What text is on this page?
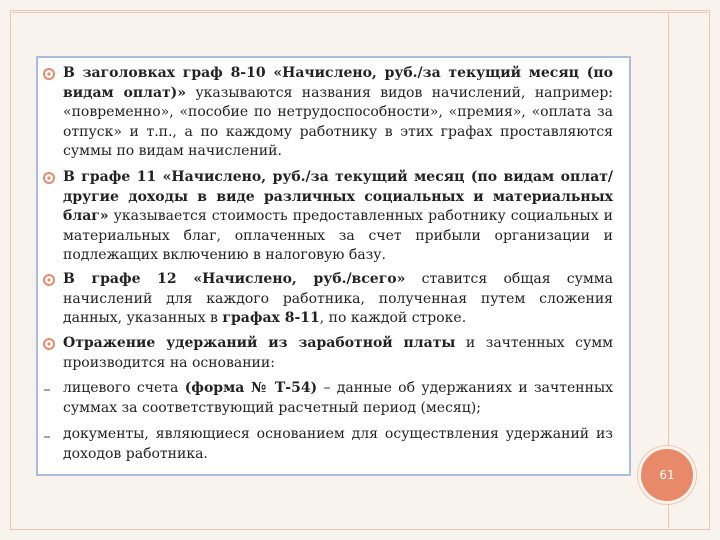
В заголовках граф 8-10 «Начислено, руб./за текущий месяц (по видам оплат)» указываются названия видов начислений, например: «повременно», «пособие по нетрудоспособности», «премия», «оплата за отпуск» и т.п., а по каждому работнику в этих графах проставляются суммы по видам начислений.
В графе 11 «Начислено, руб./за текущий месяц (по видам оплат/другие доходы в виде различных социальных и материальных благ» указывается стоимость предоставленных работнику социальных и материальных благ, оплаченных за счет прибыли организации и подлежащих включению в налоговую базу.
В графе 12 «Начислено, руб./всего» ставится общая сумма начислений для каждого работника, полученная путем сложения данных, указанных в графах 8-11, по каждой строке.
Отражение удержаний из заработной платы и зачтенных сумм производится на основании:
лицевого счета (форма № Т-54) – данные об удержаниях и зачтенных суммах за соответствующий расчетный период (месяц);
документы, являющиеся основанием для осуществления удержаний из доходов работника.
61
